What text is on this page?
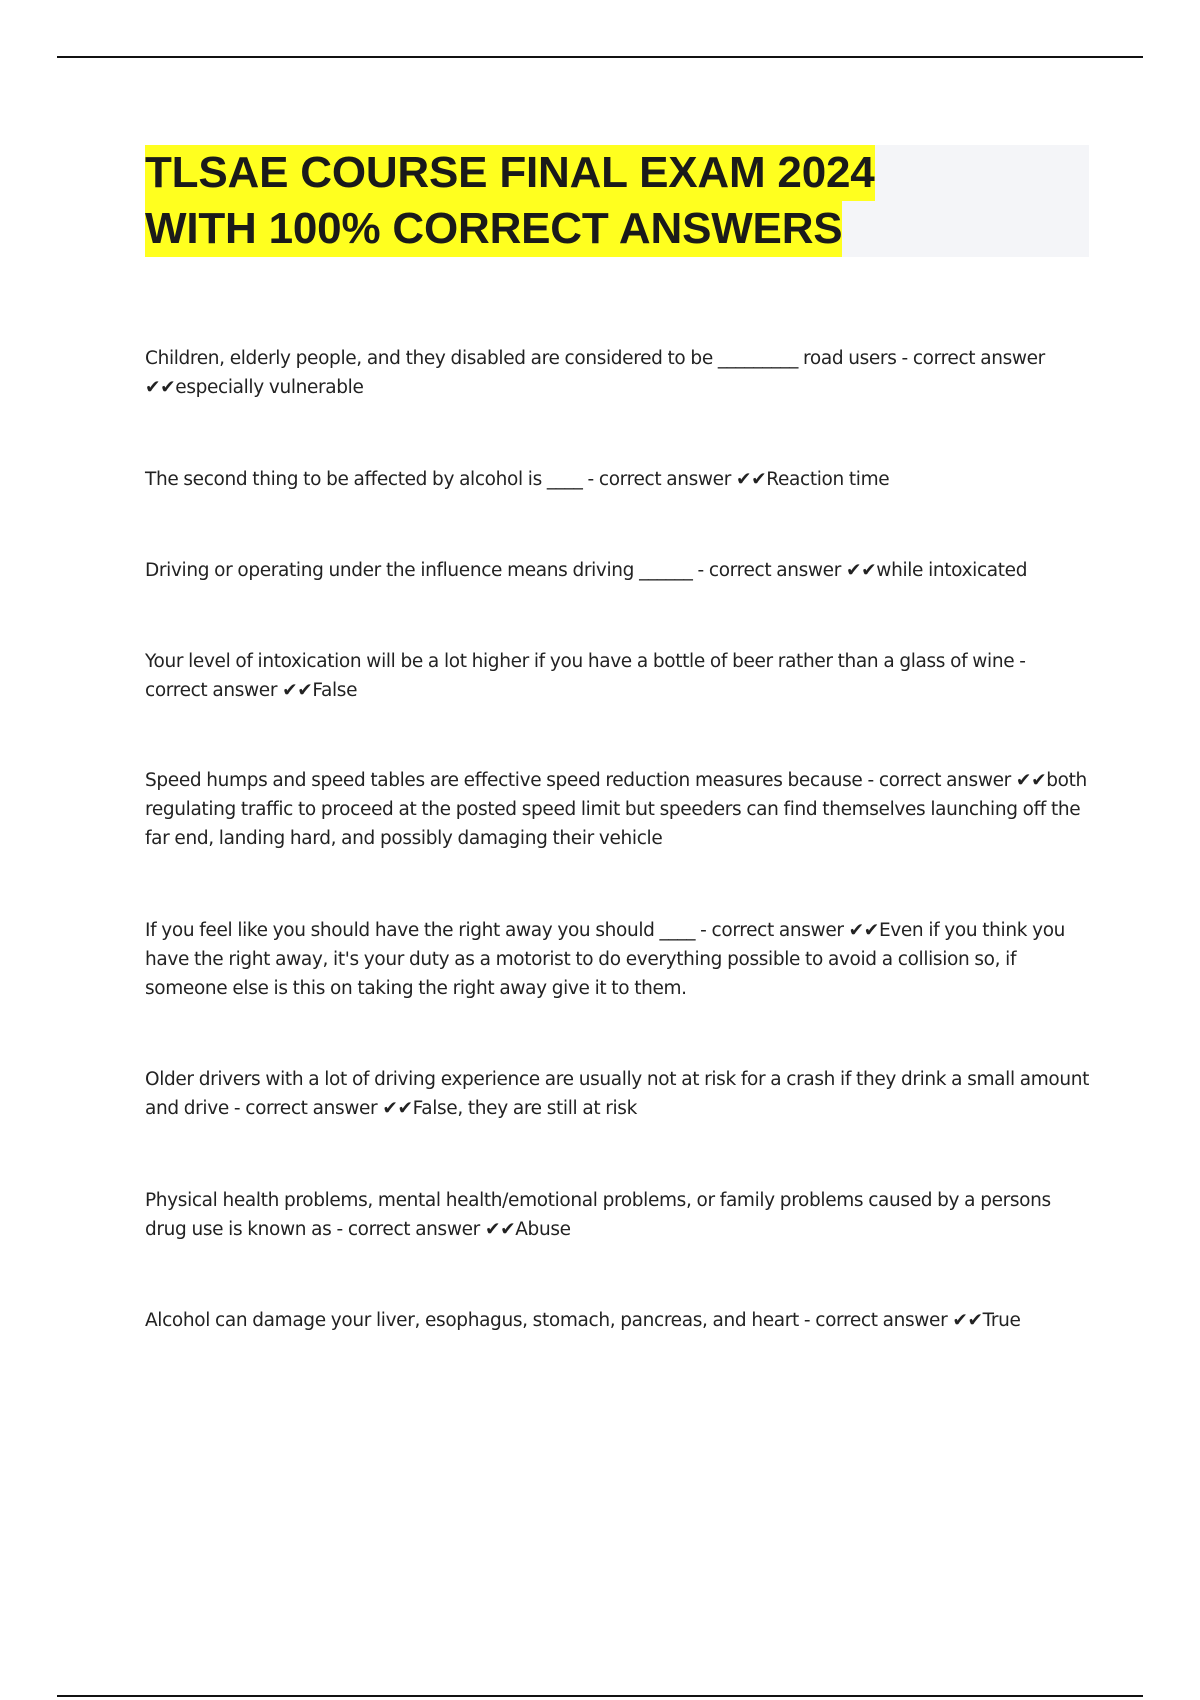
TLSAE COURSE FINAL EXAM 2024
WITH 100% CORRECT ANSWERS

Children, elderly people, and they disabled are considered to be _________ road users - correct answer ✔✔especially vulnerable

The second thing to be affected by alcohol is ____ - correct answer ✔✔Reaction time

Driving or operating under the influence means driving ______ - correct answer ✔✔while intoxicated

Your level of intoxication will be a lot higher if you have a bottle of beer rather than a glass of wine - correct answer ✔✔False

Speed humps and speed tables are effective speed reduction measures because - correct answer ✔✔both regulating traffic to proceed at the posted speed limit but speeders can find themselves launching off the far end, landing hard, and possibly damaging their vehicle

If you feel like you should have the right away you should ____ - correct answer ✔✔Even if you think you have the right away, it's your duty as a motorist to do everything possible to avoid a collision so, if someone else is this on taking the right away give it to them.

Older drivers with a lot of driving experience are usually not at risk for a crash if they drink a small amount and drive - correct answer ✔✔False, they are still at risk

Physical health problems, mental health/emotional problems, or family problems caused by a persons drug use is known as - correct answer ✔✔Abuse

Alcohol can damage your liver, esophagus, stomach, pancreas, and heart - correct answer ✔✔True
